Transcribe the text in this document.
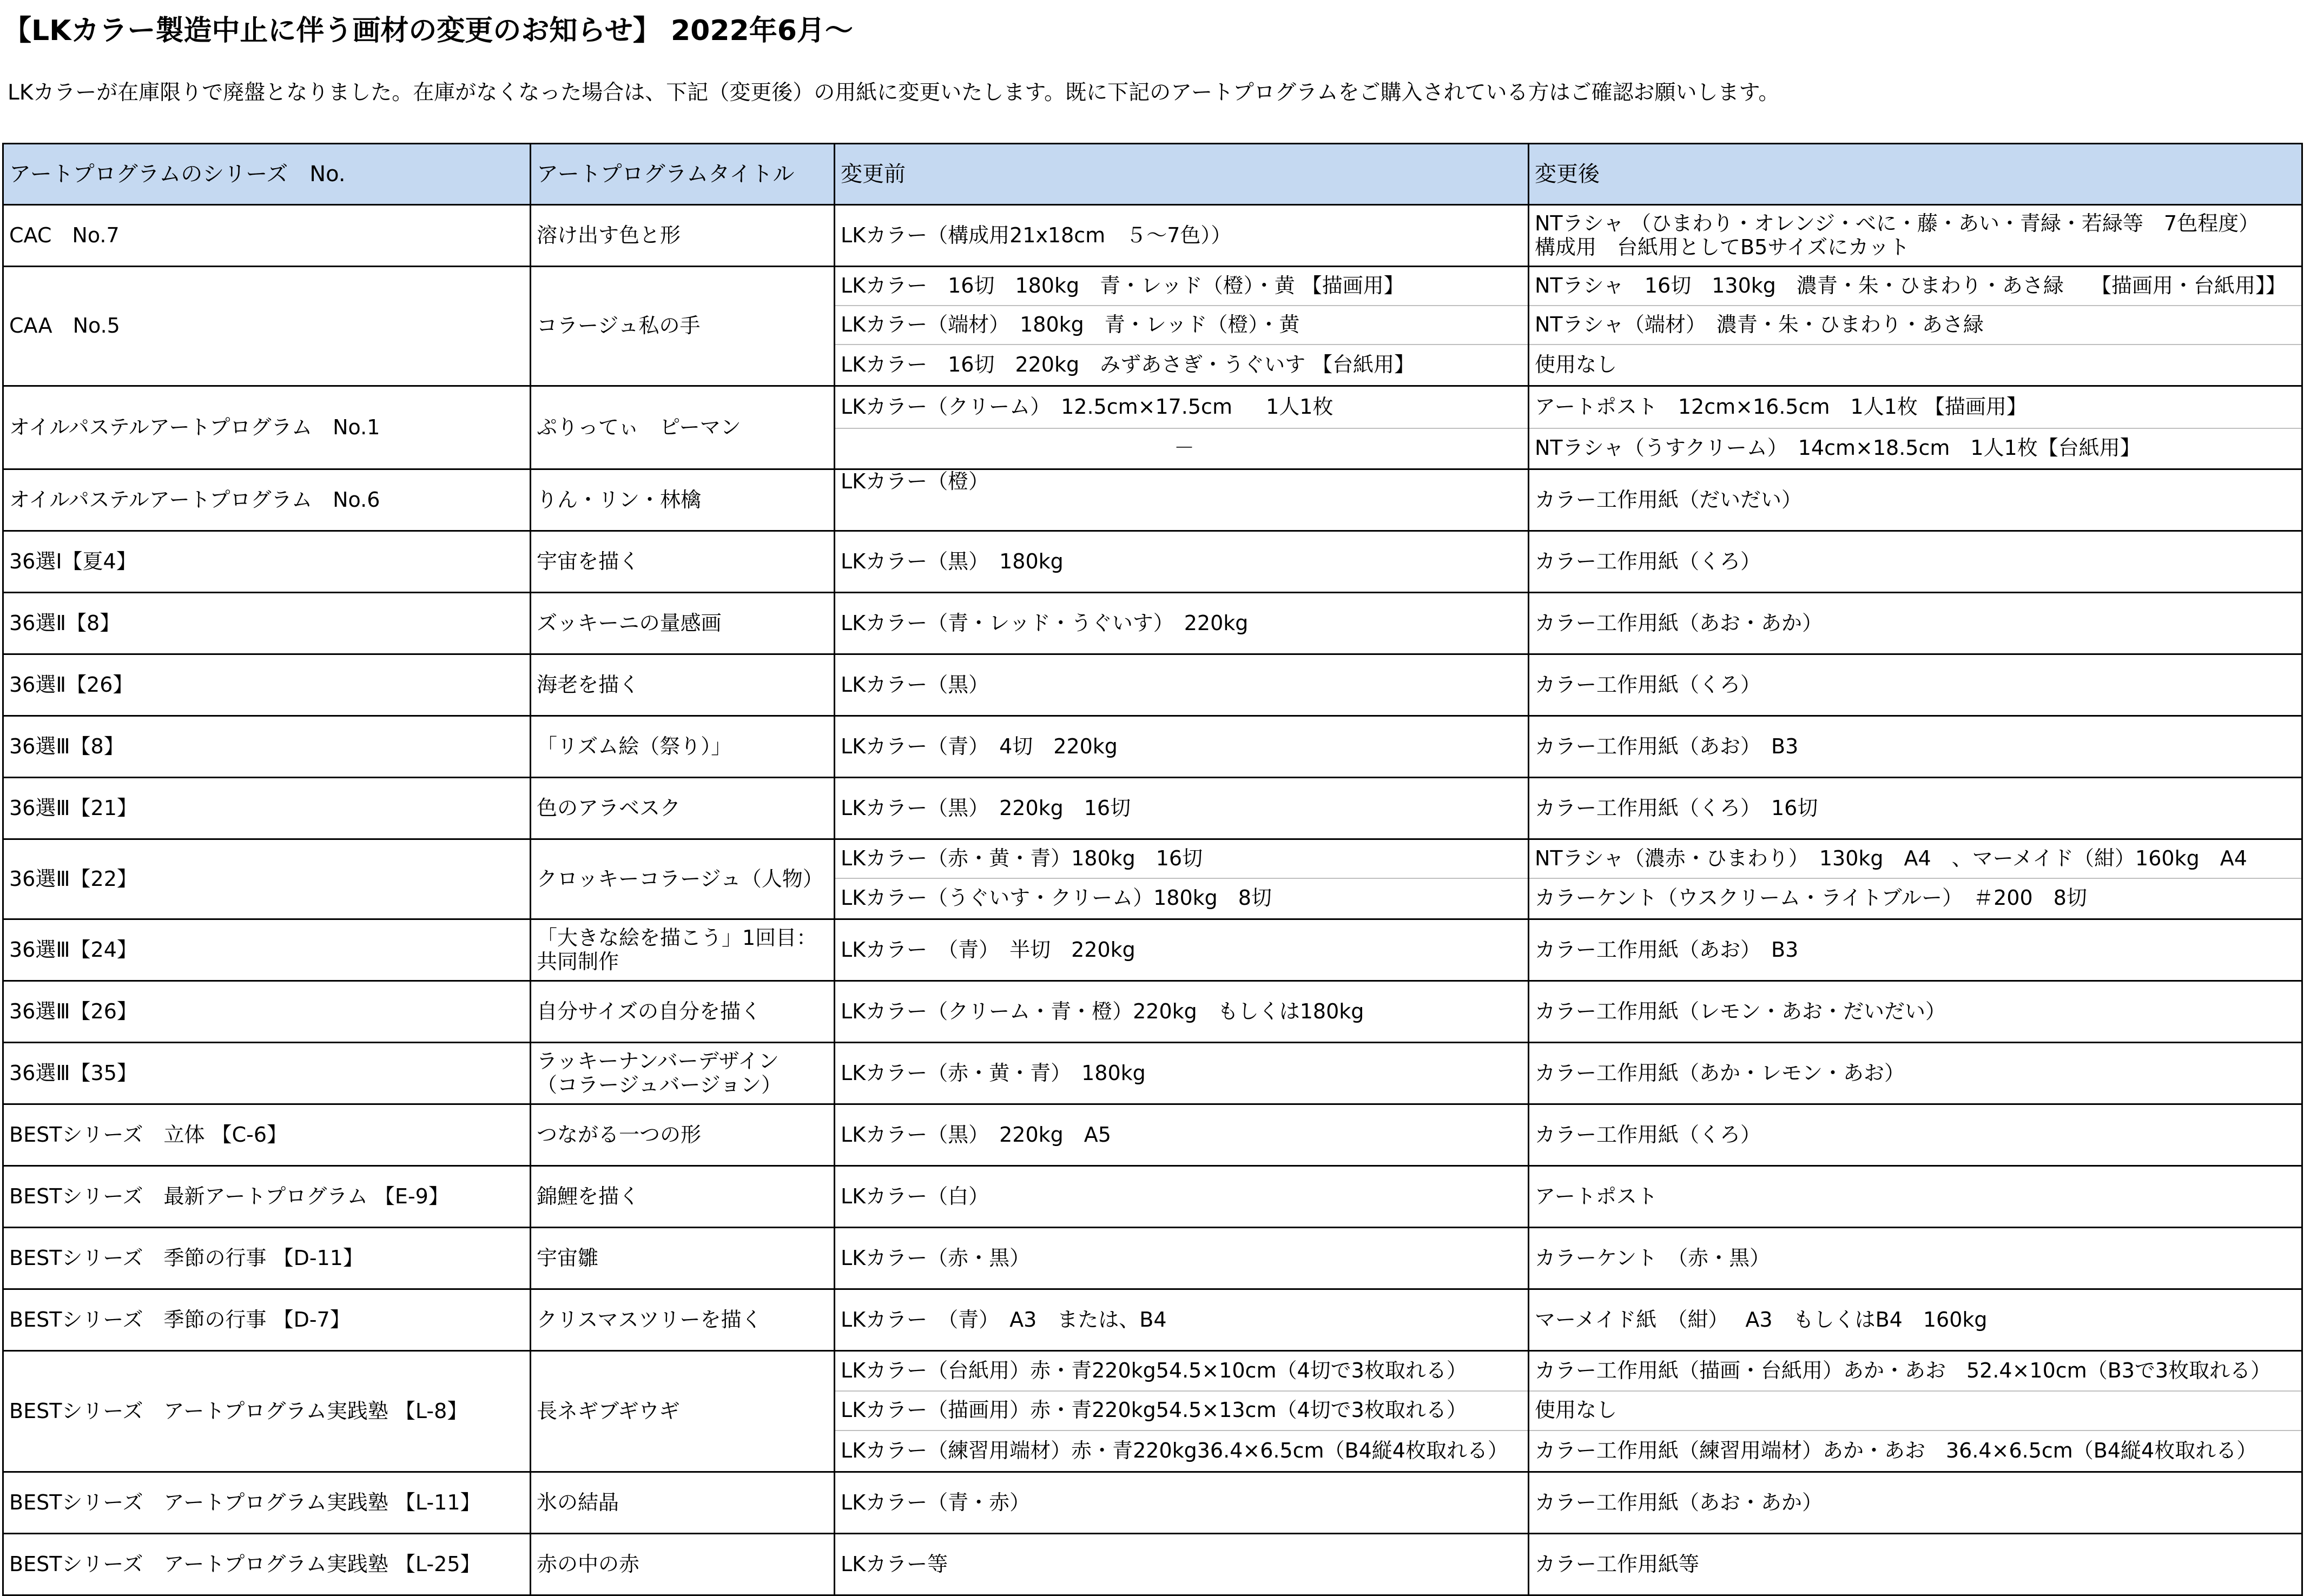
【LKカラー製造中止に伴う画材の変更のお知らせ】 2022年6月～
LKカラーが在庫限りで廃盤となりました。在庫がなくなった場合は、下記（変更後）の用紙に変更いたします。既に下記のアートプログラムをご購入されている方はご確認お願いします。
アートプログラムのシリーズ　No.	アートプログラムタイトル	変更前	変更後
CAC　No.7	溶け出す色と形	LKカラー（構成用21x18cm　５～7色））	NTラシャ （ひまわり・オレンジ・べに・藤・あい・青緑・若緑等　7色程度）
構成用　台紙用としてB5サイズにカット
CAA　No.5	コラージュ私の手	LKカラー　16切　180kg　青・レッド（橙）・黄 【描画用】	NTラシャ　16切　130kg　濃青・朱・ひまわり・あさ緑　 【描画用・台紙用】】
		LKカラー（端材）　180kg　青・レッド（橙）・黄	NTラシャ（端材）　濃青・朱・ひまわり・あさ緑
		LKカラー　16切　220kg　みずあさぎ・うぐいす 【台紙用】	使用なし
オイルパステルアートプログラム　No.1	ぷりってぃ　ピーマン	LKカラー（クリーム）　12.5cm×17.5cm 　 1人1枚	アートポスト　12cm×16.5cm　1人1枚 【描画用】
		－	NTラシャ（うすクリーム）　14cm×18.5cm　1人1枚【台紙用】
オイルパステルアートプログラム　No.6	りん・リン・林檎	LKカラー（橙）	カラー工作用紙（だいだい）
36選Ⅰ【夏4】	宇宙を描く	LKカラー（黒）　180kg	カラー工作用紙（くろ）
36選Ⅱ【8】	ズッキーニの量感画	LKカラー（青・レッド・うぐいす）　220kg	カラー工作用紙（あお・あか）
36選Ⅱ【26】	海老を描く	LKカラー（黒）	カラー工作用紙（くろ）
36選Ⅲ【8】	「リズム絵（祭り）」	LKカラー（青）　4切　220kg	カラー工作用紙（あお）　B3
36選Ⅲ【21】	色のアラベスク	LKカラー（黒）　220kg　16切	カラー工作用紙（くろ）　16切
36選Ⅲ【22】	クロッキーコラージュ（人物）	LKカラー（赤・黄・青）180kg　16切	NTラシャ（濃赤・ひまわり）　130kg　A4　、マーメイド（紺）160kg　A4
		LKカラー（うぐいす・クリーム）180kg　8切	カラーケント（ウスクリーム・ライトブルー）　＃200　8切
36選Ⅲ【24】	「大きな絵を描こう」1回目：
共同制作	LKカラー　（青）　半切　220kg	カラー工作用紙（あお）　B3
36選Ⅲ【26】	自分サイズの自分を描く	LKカラー（クリーム・青・橙）220kg　もしくは180kg	カラー工作用紙（レモン・あお・だいだい）
36選Ⅲ【35】	ラッキーナンバーデザイン
（コラージュバージョン）	LKカラー（赤・黄・青）　180kg	カラー工作用紙（あか・レモン・あお）
BESTシリーズ　立体 【C-6】	つながる一つの形	LKカラー（黒）　220kg　A5	カラー工作用紙（くろ）
BESTシリーズ　最新アートプログラム 【E-9】	錦鯉を描く	LKカラー（白）	アートポスト
BESTシリーズ　季節の行事 【D-11】	宇宙雛	LKカラー（赤・黒）	カラーケント　（赤・黒）
BESTシリーズ　季節の行事 【D-7】	クリスマスツリーを描く	LKカラー　（青）　A3　または、B4	マーメイド紙　（紺）　 A3　もしくはB4　160kg
BESTシリーズ　アートプログラム実践塾 【L-8】	長ネギブギウギ	LKカラー（台紙用）赤・青220kg54.5×10cm（4切で3枚取れる）	カラー工作用紙（描画・台紙用）あか・あお　52.4×10cm（B3で3枚取れる）
		LKカラー（描画用）赤・青220kg54.5×13cm（4切で3枚取れる）	使用なし
		LKカラー（練習用端材）赤・青220kg36.4×6.5cm（B4縦4枚取れる）	カラー工作用紙（練習用端材）あか・あお　36.4×6.5cm（B4縦4枚取れる）
BESTシリーズ　アートプログラム実践塾 【L-11】	氷の結晶	LKカラー（青・赤）	カラー工作用紙（あお・あか）
BESTシリーズ　アートプログラム実践塾 【L-25】	赤の中の赤	LKカラー等	カラー工作用紙等
